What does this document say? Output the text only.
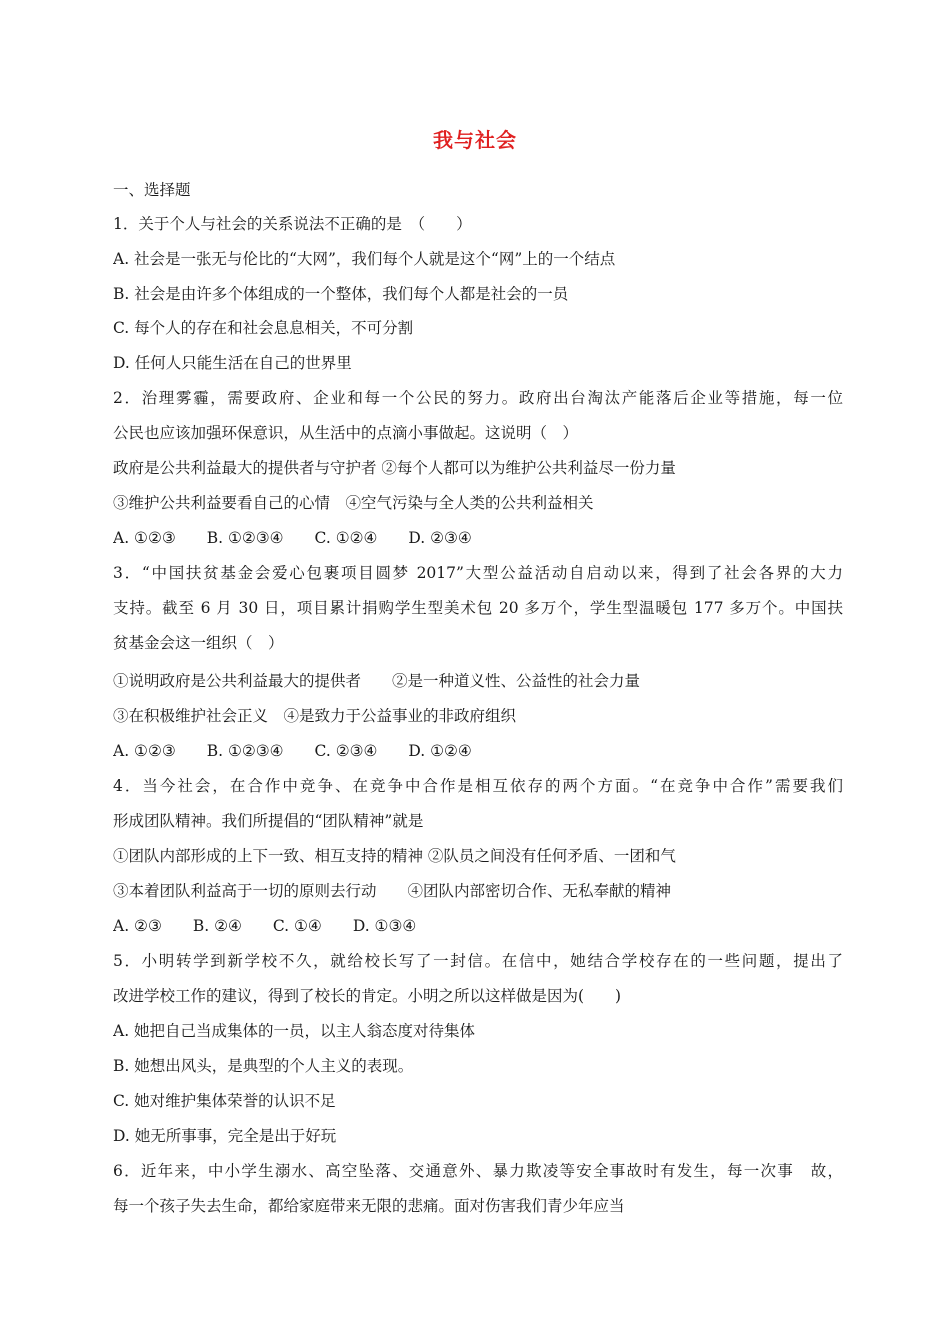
我与社会
一、选择题
1．关于个人与社会的关系说法不正确的是　（　　）
A. 社会是一张无与伦比的“大网”，我们每个人就是这个“网”上的一个结点
B. 社会是由许多个体组成的一个整体，我们每个人都是社会的一员
C. 每个人的存在和社会息息相关，不可分割
D. 任何人只能生活在自己的世界里
2．治理雾霾，需要政府、企业和每一个公民的努力。政府出台淘汰产能落后企业等措施，每一位
公民也应该加强环保意识，从生活中的点滴小事做起。这说明（　）
政府是公共利益最大的提供者与守护者 ②每个人都可以为维护公共利益尽一份力量
③维护公共利益要看自己的心情　④空气污染与全人类的公共利益相关
A. ①②③　　B. ①②③④　　C. ①②④　　D. ②③④
3．“中国扶贫基金会爱心包裹项目圆梦 2017”大型公益活动自启动以来，得到了社会各界的大力
支持。截至 6 月 30 日，项目累计捐购学生型美术包 20 多万个，学生型温暖包 177 多万个。中国扶
贫基金会这一组织（　）
①说明政府是公共利益最大的提供者　　②是一种道义性、公益性的社会力量
③在积极维护社会正义　④是致力于公益事业的非政府组织
A. ①②③　　B. ①②③④　　C. ②③④　　D. ①②④
4．当今社会，在合作中竞争、在竞争中合作是相互依存的两个方面。“在竞争中合作”需要我们
形成团队精神。我们所提倡的“团队精神”就是
①团队内部形成的上下一致、相互支持的精神 ②队员之间没有任何矛盾、一团和气
③本着团队利益高于一切的原则去行动　　④团队内部密切合作、无私奉献的精神
A. ②③　　B. ②④　　C. ①④　　D. ①③④
5．小明转学到新学校不久，就给校长写了一封信。在信中，她结合学校存在的一些问题，提出了
改进学校工作的建议，得到了校长的肯定。小明之所以这样做是因为(　　)
A. 她把自己当成集体的一员，以主人翁态度对待集体
B. 她想出风头，是典型的个人主义的表现。
C. 她对维护集体荣誉的认识不足
D. 她无所事事，完全是出于好玩
6．近年来，中小学生溺水、高空坠落、交通意外、暴力欺凌等安全事故时有发生，每一次事　故，
每一个孩子失去生命，都给家庭带来无限的悲痛。面对伤害我们青少年应当
